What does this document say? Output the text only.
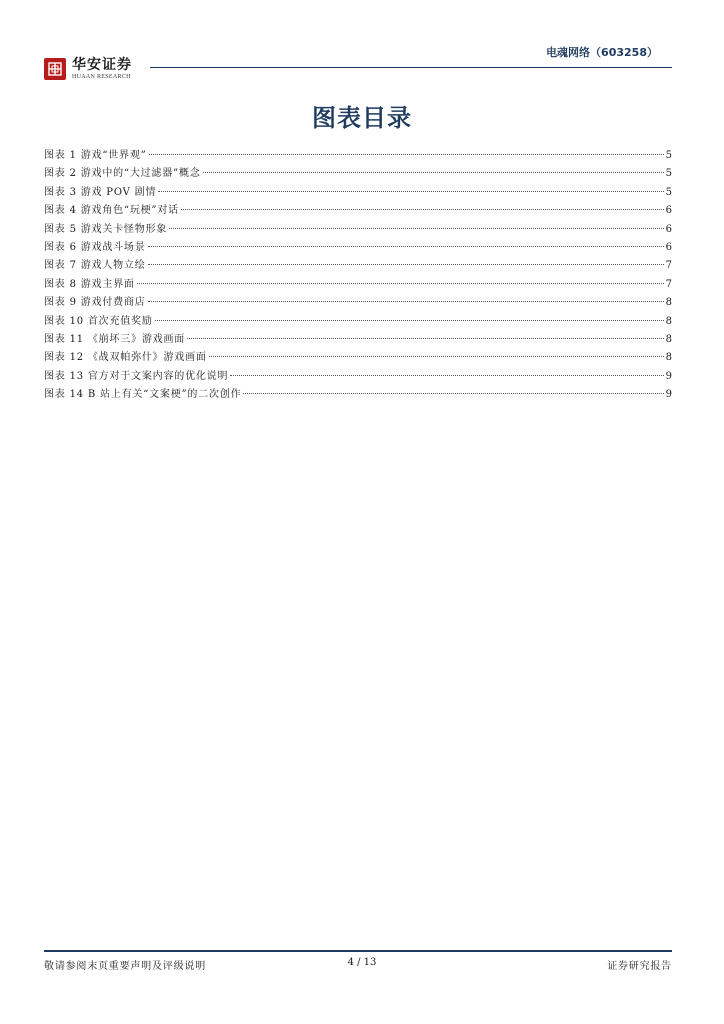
电魂网络（603258）
华安证券
HUAAN RESEARCH
图表目录
图表 1 游戏“世界观”	5
图表 2 游戏中的“大过滤器”概念	5
图表 3 游戏 POV 剧情	5
图表 4 游戏角色“玩梗”对话	6
图表 5 游戏关卡怪物形象	6
图表 6 游戏战斗场景	6
图表 7 游戏人物立绘	7
图表 8 游戏主界面	7
图表 9 游戏付费商店	8
图表 10 首次充值奖励	8
图表 11 《崩坏三》游戏画面	8
图表 12 《战双帕弥什》游戏画面	8
图表 13 官方对于文案内容的优化说明	9
图表 14 B 站上有关“文案梗”的二次创作	9
敬请参阅末页重要声明及评级说明	4 / 13	证券研究报告
